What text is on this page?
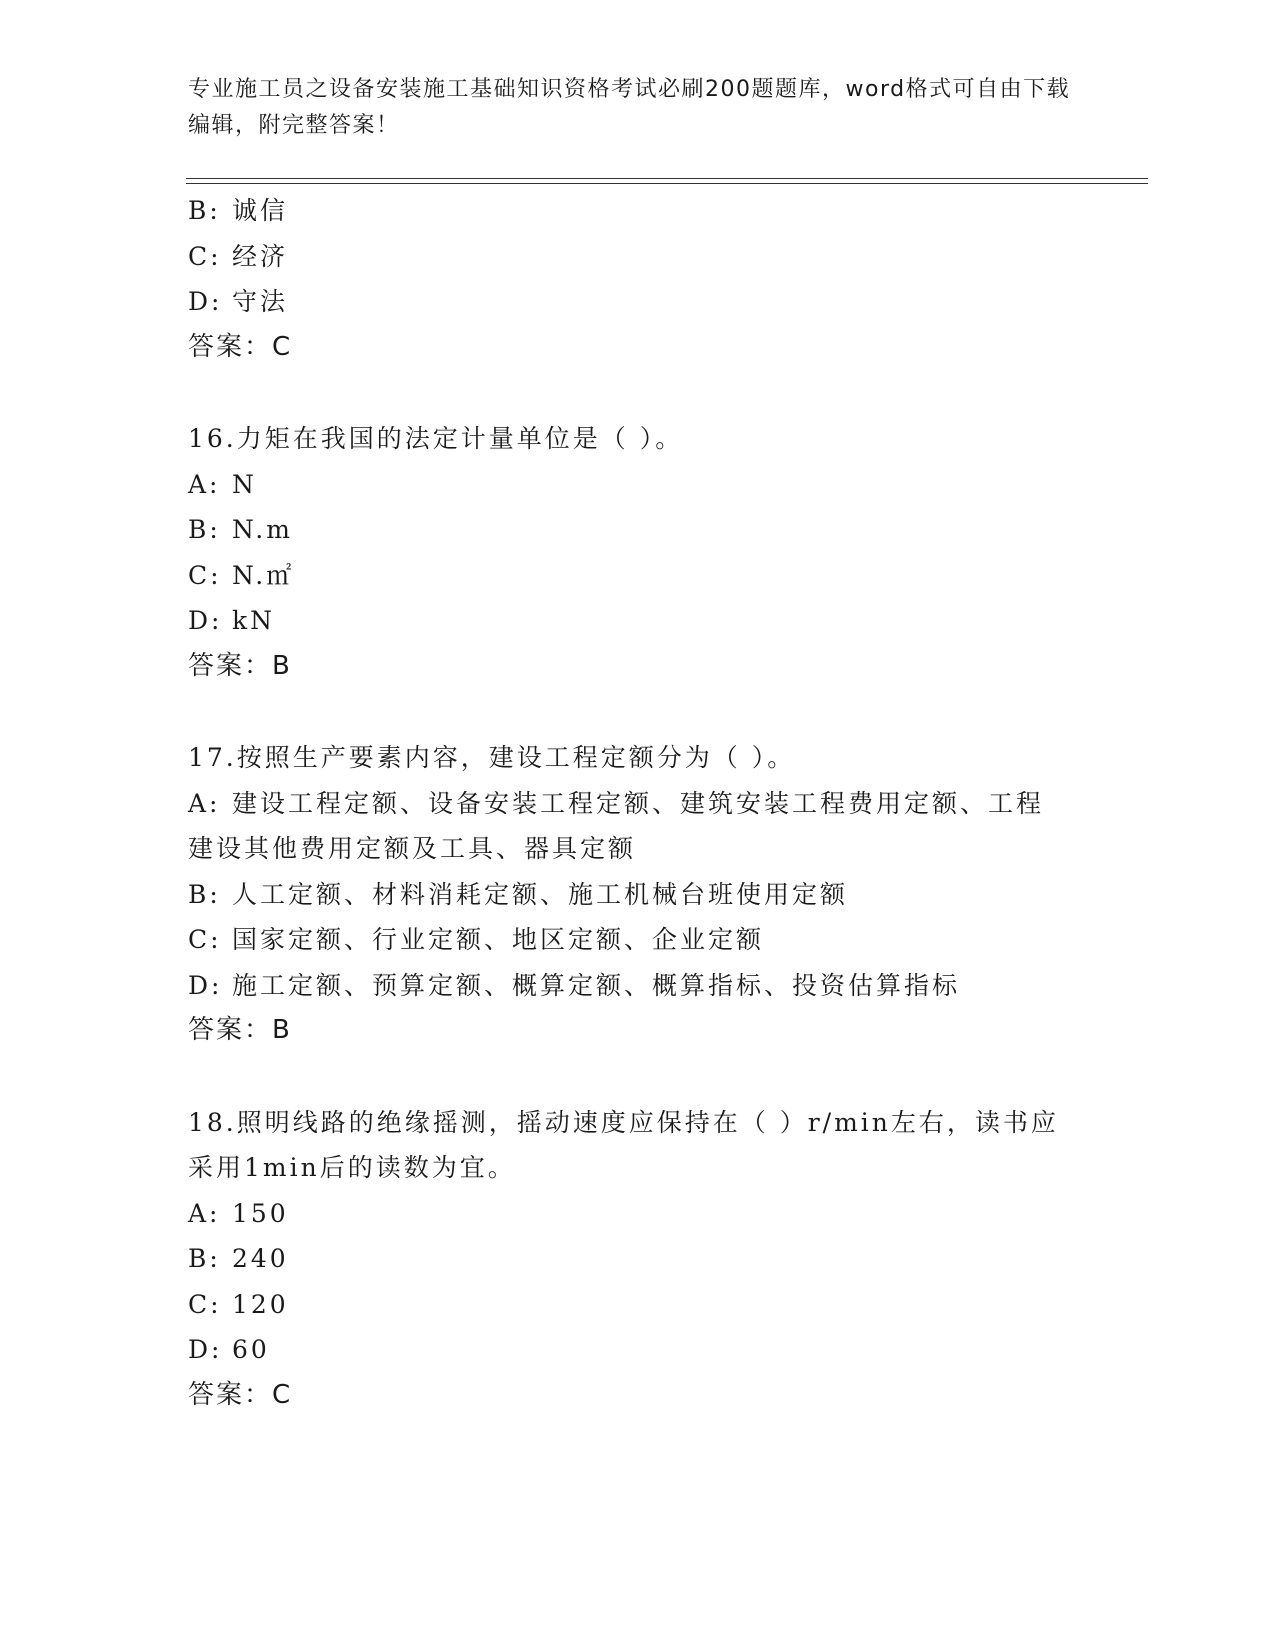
专业施工员之设备安装施工基础知识资格考试必刷200题题库，word格式可自由下载编辑，附完整答案！
B: 诚信
C: 经济
D: 守法
答案：C
16.力矩在我国的法定计量单位是（ ）。
A: N
B: N.m
C: N.㎡
D: kN
答案：B
17.按照生产要素内容，建设工程定额分为（ ）。
A: 建设工程定额、设备安装工程定额、建筑安装工程费用定额、工程建设其他费用定额及工具、器具定额
B: 人工定额、材料消耗定额、施工机械台班使用定额
C: 国家定额、行业定额、地区定额、企业定额
D: 施工定额、预算定额、概算定额、概算指标、投资估算指标
答案：B
18.照明线路的绝缘摇测，摇动速度应保持在（ ）r/min左右，读书应采用1min后的读数为宜。
A: 150
B: 240
C: 120
D: 60
答案：C
